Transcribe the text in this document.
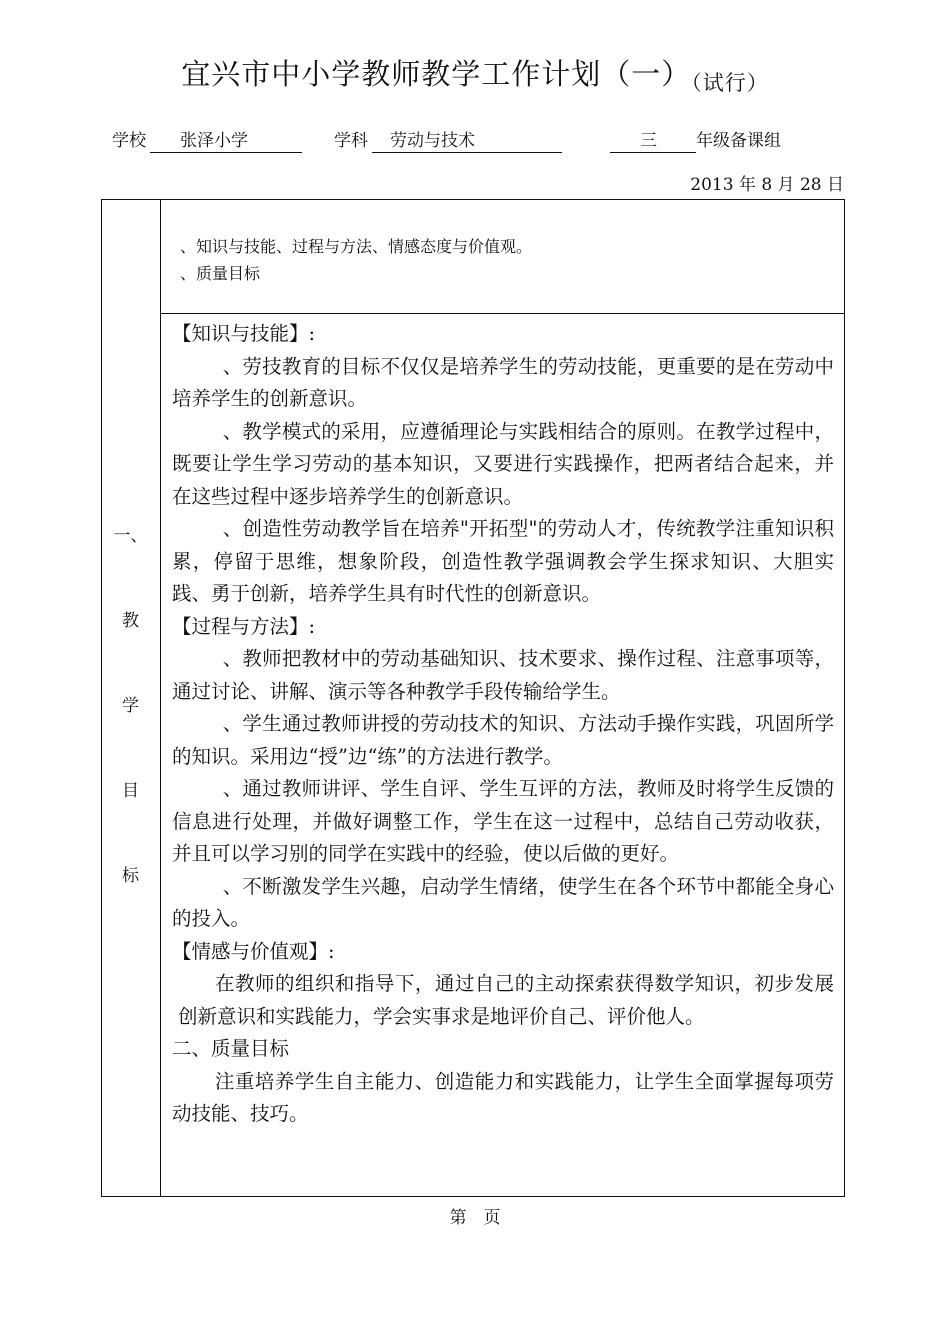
宜兴市中小学教师教学工作计划（一）$_{(试行)}$
学校	张泽小学	学科	劳动与技术	三	年级备课组
2013 年 8 月 28 日
一、
教
学
目
标
、知识与技能、过程与方法、情感态度与价值观。
、质量目标

【知识与技能】:

、劳技教育的目标不仅仅是培养学生的劳动技能，更重要的是在劳动中培养学生的创新意识。

、教学模式的采用，应遵循理论与实践相结合的原则。在教学过程中，既要让学生学习劳动的基本知识，又要进行实践操作，把两者结合起来，并在这些过程中逐步培养学生的创新意识。

、创造性劳动教学旨在培养"开拓型"的劳动人才，传统教学注重知识积累，停留于思维，想象阶段，创造性教学强调教会学生探求知识、大胆实践、勇于创新，培养学生具有时代性的创新意识。

【过程与方法】:

、教师把教材中的劳动基础知识、技术要求、操作过程、注意事项等，通过讨论、讲解、演示等各种教学手段传输给学生。

、学生通过教师讲授的劳动技术的知识、方法动手操作实践，巩固所学的知识。采用边“授”边“练”的方法进行教学。

、通过教师讲评、学生自评、学生互评的方法，教师及时将学生反馈的信息进行处理，并做好调整工作，学生在这一过程中，总结自己劳动收获，并且可以学习别的同学在实践中的经验，使以后做的更好。

、不断激发学生兴趣，启动学生情绪，使学生在各个环节中都能全身心的投入。

【情感与价值观】:

在教师的组织和指导下，通过自己的主动探索获得数学知识，初步发展创新意识和实践能力，学会实事求是地评价自己、评价他人。

二、质量目标

注重培养学生自主能力、创造能力和实践能力，让学生全面掌握每项劳动技能、技巧。

第　页
